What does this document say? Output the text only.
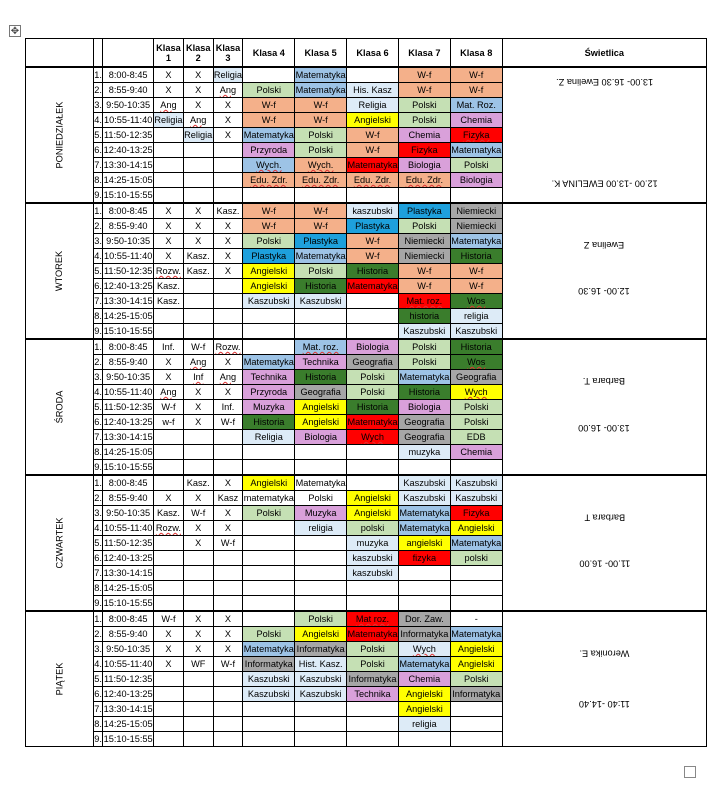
✥
			Klasa 1	Klasa 2	Klasa 3	Klasa 4	Klasa 5	Klasa 6	Klasa 7	Klasa 8	Świetlica
PONIEDZIAŁEK	1.	8:00-8:45	X	X	Religia		Matematyka		W-f	W-f	12.00 -13.00 EWELINA K.13.00- 16.30 Ewelina Z.
	2.	8:55-9:40	X	X	Ang	Polski	Matematyka	His. Kasz	W-f	W-f	
	3.	9:50-10:35	Ang	X	X	W-f	W-f	Religia	Polski	Mat. Roz.	
	4.	10:55-11:40	Religia	Ang	X	W-f	W-f	Angielski	Polski	Chemia	
	5.	11:50-12:35		Religia	X	Matematyka	Polski	W-f	Chemia	Fizyka	
	6.	12:40-13:25				Przyroda	Polski	W-f	Fizyka	Matematyka	
	7.	13:30-14:15				Wych.	Wych.	Matematyka	Biologia	Polski	
	8.	14:25-15:05				Edu. Zdr.	Edu. Zdr.	Edu. Zdr.	Edu. Zdr.	Biologia	
	9.	15:10-15:55									
WTOREK	1.	8:00-8:45	X	X	Kasz.	W-f	W-f	kaszubski	Plastyka	Niemiecki	12.00- 16.30Ewelina Z
	2.	8:55-9:40	X	X	X	W-f	W-f	Plastyka	Polski	Niemiecki	
	3.	9:50-10:35	X	X	X	Polski	Plastyka	W-f	Niemiecki	Matematyka	
	4.	10:55-11:40	X	Kasz.	X	Plastyka	Matematyka	W-f	Niemiecki	Historia	
	5.	11:50-12:35	Rozw.	Kasz.	X	Angielski	Polski	Historia	W-f	W-f	
	6.	12:40-13:25	Kasz.			Angielski	Historia	Matematyka	W-f	W-f	
	7.	13:30-14:15	Kasz.			Kaszubski	Kaszubski		Mat. roz.	Wos	
	8.	14:25-15:05							historia	religia	
	9.	15:10-15:55							Kaszubski	Kaszubski	
ŚRODA	1.	8:00-8:45	Inf.	W-f	Rozw.		Mat. roz.	Biologia	Polski	Historia	13.00- 16.00Barbara T.
	2.	8:55-9:40	X	Ang	X	Matematyka	Technika	Geografia	Polski	Wos	
	3.	9:50-10:35	X	Inf	Ang	Technika	Historia	Polski	Matematyka	Geografia	
	4.	10:55-11:40	Ang	X	X	Przyroda	Geografia	Polski	Historia	Wych	
	5.	11:50-12:35	W-f	X	Inf.	Muzyka	Angielski	Historia	Biologia	Polski	
	6.	12:40-13:25	w-f	X	W-f	Historia	Angielski	Matematyka	Geografia	Polski	
	7.	13:30-14:15				Religia	Biologia	Wych	Geografia	EDB	
	8.	14:25-15:05							muzyka	Chemia	
	9.	15:10-15:55									
CZWARTEK	1.	8:00-8:45		Kasz.	X	Angielski	Matematyka		Kaszubski	Kaszubski	11.00- 16.00Barbara T
	2.	8:55-9:40	X	X	Kasz	matematyka	Polski	Angielski	Kaszubski	Kaszubski	
	3.	9:50-10:35	Kasz.	W-f	X	Polski	Muzyka	Angielski	Matematyka	Fizyka	
	4.	10:55-11:40	Rozw.	X	X		religia	polski	Matematyka	Angielski	
	5.	11:50-12:35		X	W-f			muzyka	angielski	Matematyka	
	6.	12:40-13:25						kaszubski	fizyka	polski	
	7.	13:30-14:15						kaszubski			
	8.	14:25-15:05									
	9.	15:10-15:55									
PIĄTEK	1.	8:00-8:45	W-f	X	X		Polski	Mat roz.	Dor. Zaw.	-	11:40 -14.40Weronika E.
	2.	8:55-9:40	X	X	X	Polski	Angielski	Matematyka	Informatyka	Matematyka	
	3.	9:50-10:35	X	X	X	Matematyka	Informatyka	Polski	Wych	Angielski	
	4.	10:55-11:40	X	WF	W-f	Informatyka	Hist. Kasz.	Polski	Matematyka	Angielski	
	5.	11:50-12:35				Kaszubski	Kaszubski	Informatyka	Chemia	Polski	
	6.	12:40-13:25				Kaszubski	Kaszubski	Technika	Angielski	Informatyka	
	7.	13:30-14:15							Angielski		
	8.	14:25-15:05							religia		
	9.	15:10-15:55									
